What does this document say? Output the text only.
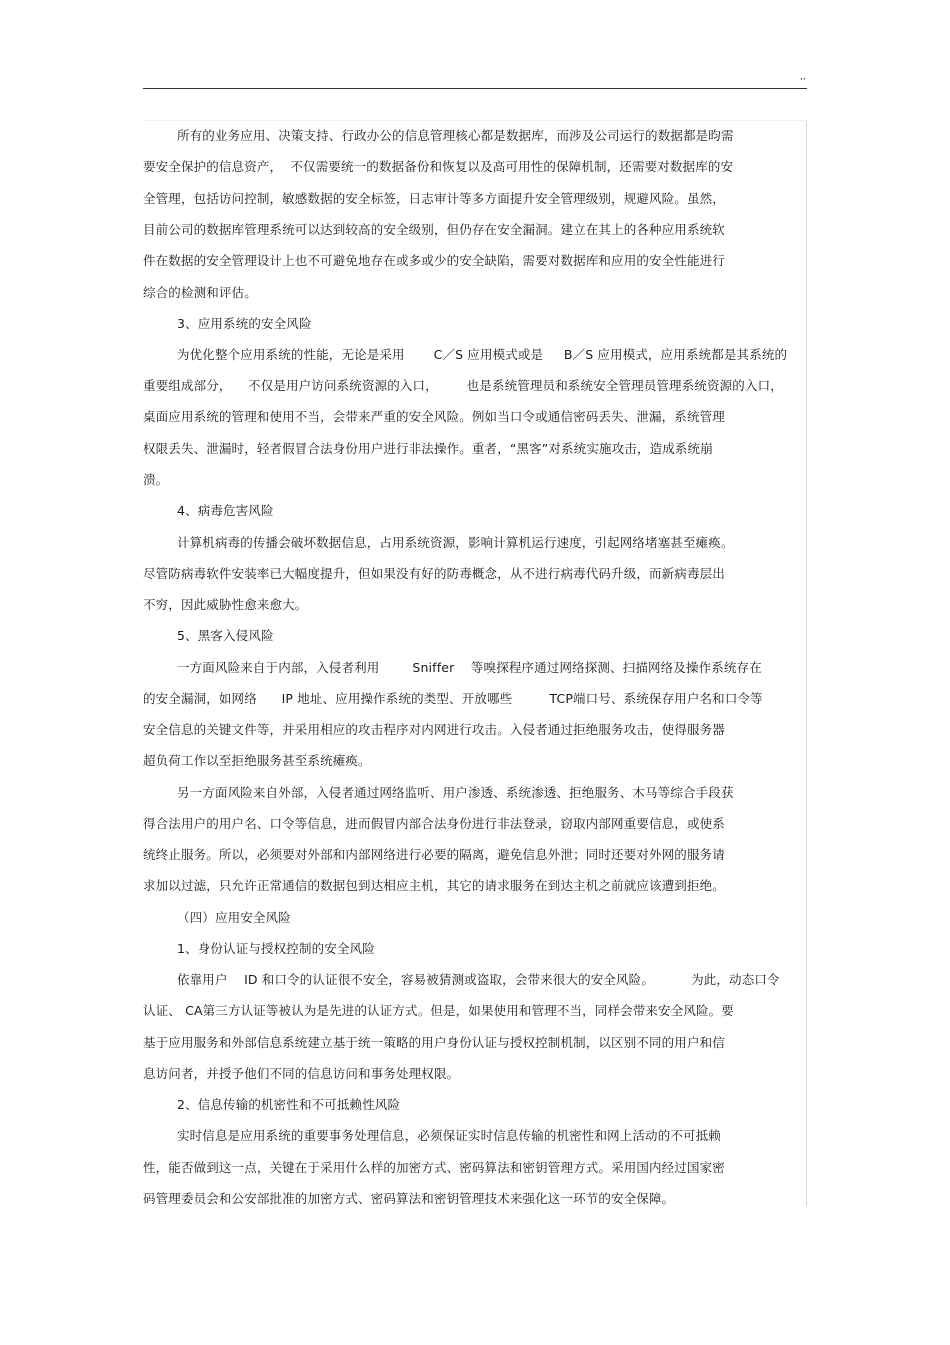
,,
所有的业务应用、决策支持、行政办公的信息管理核心都是数据库，而涉及公司运行的数据都是昀需
要安全保护的信息资产，  不仅需要统一的数据备份和恢复以及高可用性的保障机制，还需要对数据库的安
全管理，包括访问控制，敏感数据的安全标签，日志审计等多方面提升安全管理级别，规避风险。虽然，
目前公司的数据库管理系统可以达到较高的安全级别，但仍存在安全漏洞。建立在其上的各种应用系统软
件在数据的安全管理设计上也不可避免地存在或多或少的安全缺陷，需要对数据库和应用的安全性能进行
综合的检测和评估。
3、应用系统的安全风险
为优化整个应用系统的性能，无论是采用       C／S 应用模式或是     B／S 应用模式，应用系统都是其系统的
重要组成部分，    不仅是用户访问系统资源的入口，       也是系统管理员和系统安全管理员管理系统资源的入口，
桌面应用系统的管理和使用不当，会带来严重的安全风险。例如当口令或通信密码丢失、泄漏，系统管理
权限丢失、泄漏时，轻者假冒合法身份用户进行非法操作。重者，“黑客”对系统实施攻击，造成系统崩
溃。
4、病毒危害风险
计算机病毒的传播会破坏数据信息，占用系统资源，影响计算机运行速度，引起网络堵塞甚至瘫痪。
尽管防病毒软件安装率已大幅度提升，但如果没有好的防毒概念，从不进行病毒代码升级，而新病毒层出
不穷，因此威胁性愈来愈大。
5、黑客入侵风险
一方面风险来自于内部，入侵者利用        Sniffer    等嗅探程序通过网络探测、扫描网络及操作系统存在
的安全漏洞，如网络      IP 地址、应用操作系统的类型、开放哪些         TCP端口号、系统保存用户名和口令等
安全信息的关键文件等，并采用相应的攻击程序对内网进行攻击。入侵者通过拒绝服务攻击，使得服务器
超负荷工作以至拒绝服务甚至系统瘫痪。
另一方面风险来自外部，入侵者通过网络监听、用户渗透、系统渗透、拒绝服务、木马等综合手段获
得合法用户的用户名、口令等信息，进而假冒内部合法身份进行非法登录，窃取内部网重要信息，或使系
统终止服务。所以，必须要对外部和内部网络进行必要的隔离，避免信息外泄；同时还要对外网的服务请
求加以过滤，只允许正常通信的数据包到达相应主机，其它的请求服务在到达主机之前就应该遭到拒绝。
（四）应用安全风险
1、身份认证与授权控制的安全风险
依靠用户    ID 和口令的认证很不安全，容易被猜测或盗取，会带来很大的安全风险。         为此，动态口令
认证、 CA第三方认证等被认为是先进的认证方式。但是，如果使用和管理不当，同样会带来安全风险。要
基于应用服务和外部信息系统建立基于统一策略的用户身份认证与授权控制机制，以区别不同的用户和信
息访问者，并授予他们不同的信息访问和事务处理权限。
2、信息传输的机密性和不可抵赖性风险
实时信息是应用系统的重要事务处理信息，必须保证实时信息传输的机密性和网上活动的不可抵赖
性，能否做到这一点，关键在于采用什么样的加密方式、密码算法和密钥管理方式。采用国内经过国家密
码管理委员会和公安部批准的加密方式、密码算法和密钥管理技术来强化这一环节的安全保障。
